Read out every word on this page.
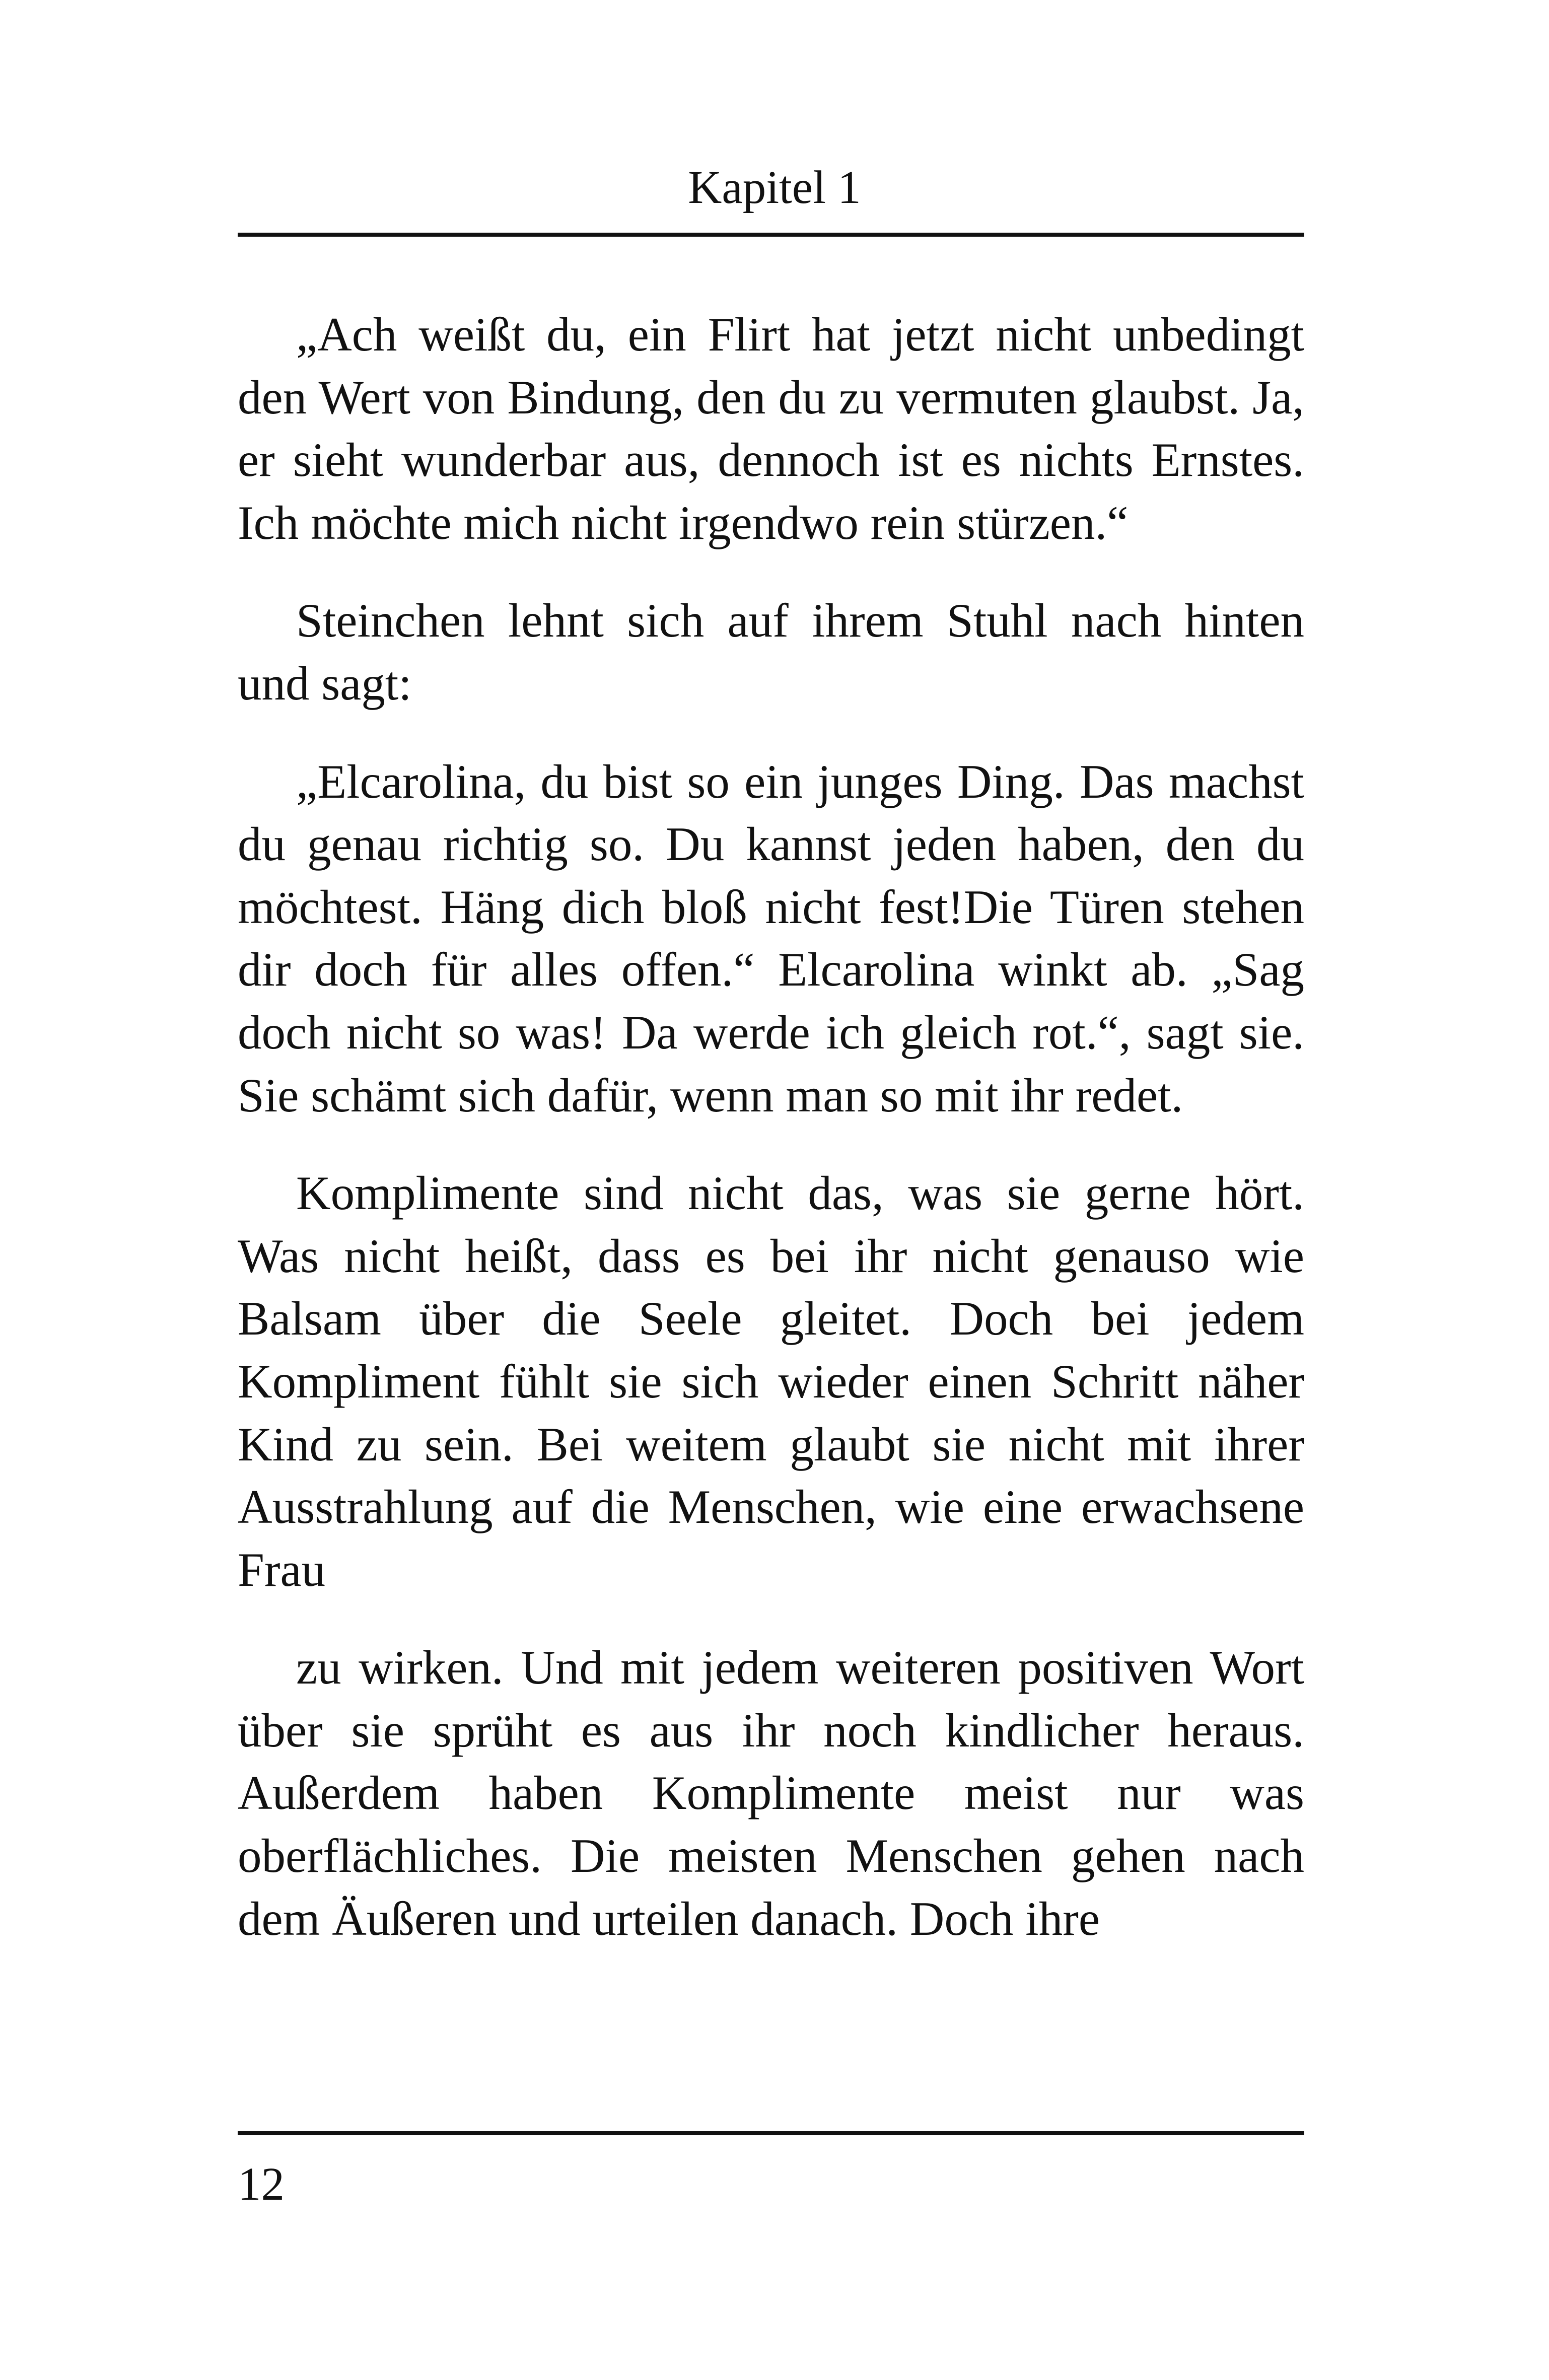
Kapitel 1

„Ach weißt du, ein Flirt hat jetzt nicht unbedingt den Wert von Bindung, den du zu vermuten glaubst. Ja, er sieht wunderbar aus, dennoch ist es nichts Ernstes. Ich möchte mich nicht irgendwo rein stürzen.“

Steinchen lehnt sich auf ihrem Stuhl nach hinten und sagt:

„Elcarolina, du bist so ein junges Ding. Das machst du genau richtig so. Du kannst jeden haben, den du möchtest. Häng dich bloß nicht fest!Die Türen stehen dir doch für alles offen.“ Elcarolina winkt ab. „Sag doch nicht so was! Da werde ich gleich rot.“, sagt sie. Sie schämt sich dafür, wenn man so mit ihr redet.

Komplimente sind nicht das, was sie gerne hört. Was nicht heißt, dass es bei ihr nicht genauso wie Balsam über die Seele gleitet. Doch bei jedem Kompliment fühlt sie sich wieder einen Schritt näher Kind zu sein. Bei weitem glaubt sie nicht mit ihrer Ausstrahlung auf die Menschen, wie eine erwachsene Frau

zu wirken. Und mit jedem weiteren positiven Wort über sie sprüht es aus ihr noch kindlicher heraus. Außerdem haben Komplimente meist nur was oberflächliches. Die meisten Menschen gehen nach dem Äußeren und urteilen danach. Doch ihre

12
